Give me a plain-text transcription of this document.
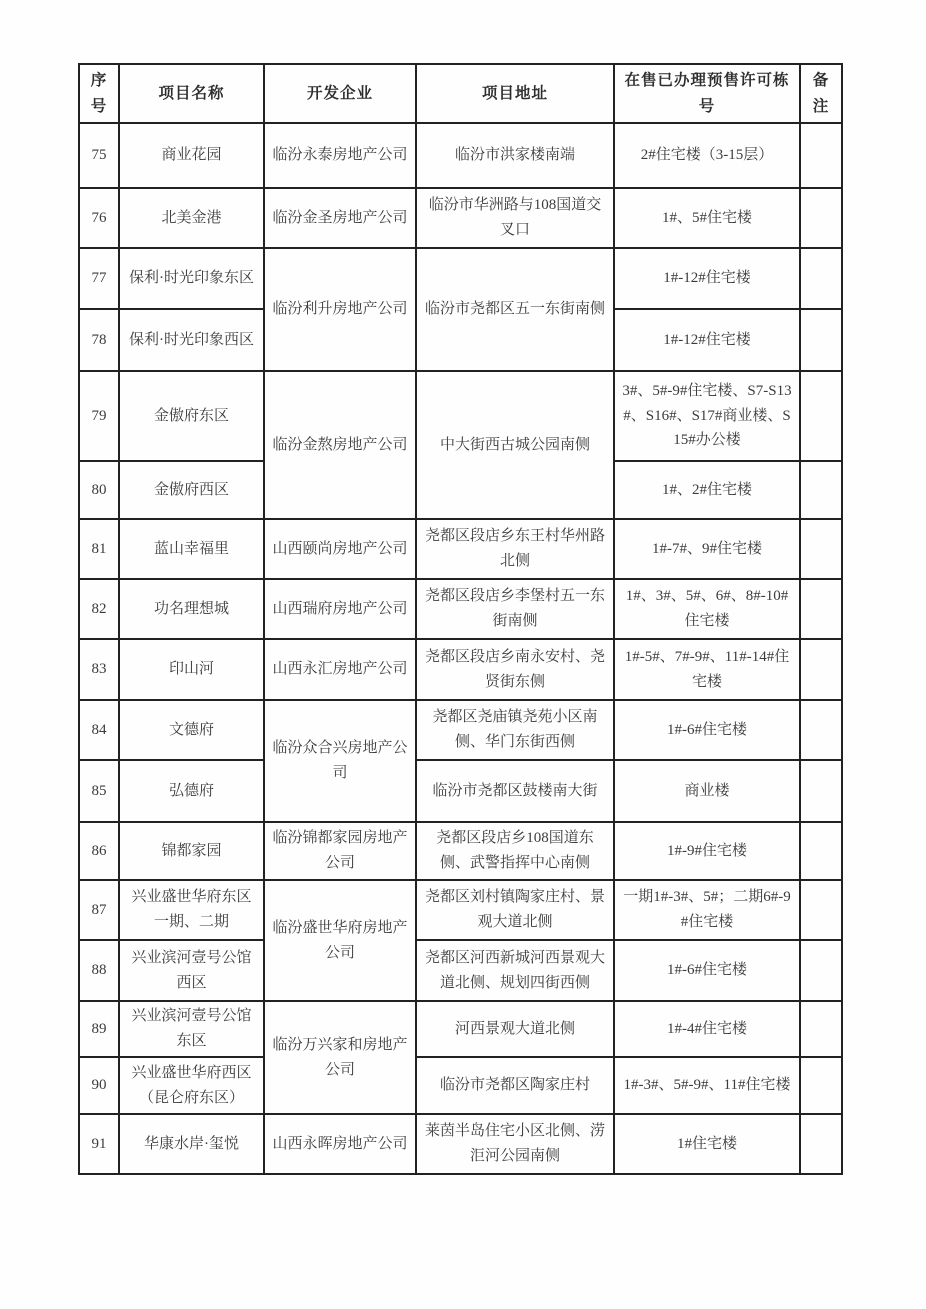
序号	项目名称	开发企业	项目地址	在售已办理预售许可栋号	备注
75	商业花园	临汾永泰房地产公司	临汾市洪家楼南端	2#住宅楼（3-15层）	
76	北美金港	临汾金圣房地产公司	临汾市华洲路与108国道交叉口	1#、5#住宅楼	
77	保利·时光印象东区	临汾利升房地产公司	临汾市尧都区五一东街南侧	1#-12#住宅楼	
78	保利·时光印象西区			1#-12#住宅楼	
79	金傲府东区	临汾金熬房地产公司	中大街西古城公园南侧	3#、5#-9#住宅楼、S7-S13#、S16#、S17#商业楼、S15#办公楼	
80	金傲府西区			1#、2#住宅楼	
81	蓝山幸福里	山西颐尚房地产公司	尧都区段店乡东王村华州路北侧	1#-7#、9#住宅楼	
82	功名理想城	山西瑞府房地产公司	尧都区段店乡李堡村五一东街南侧	1#、3#、5#、6#、8#-10#住宅楼	
83	印山河	山西永汇房地产公司	尧都区段店乡南永安村、尧贤街东侧	1#-5#、7#-9#、11#-14#住宅楼	
84	文德府	临汾众合兴房地产公司	尧都区尧庙镇尧苑小区南侧、华门东街西侧	1#-6#住宅楼	
85	弘德府		临汾市尧都区鼓楼南大街	商业楼	
86	锦都家园	临汾锦都家园房地产公司	尧都区段店乡108国道东侧、武警指挥中心南侧	1#-9#住宅楼	
87	兴业盛世华府东区一期、二期	临汾盛世华府房地产公司	尧都区刘村镇陶家庄村、景观大道北侧	一期1#-3#、5#；二期6#-9#住宅楼	
88	兴业滨河壹号公馆西区		尧都区河西新城河西景观大道北侧、规划四街西侧	1#-6#住宅楼	
89	兴业滨河壹号公馆东区	临汾万兴家和房地产公司	河西景观大道北侧	1#-4#住宅楼	
90	兴业盛世华府西区（昆仑府东区）		临汾市尧都区陶家庄村	1#-3#、5#-9#、11#住宅楼	
91	华康水岸·玺悦	山西永晖房地产公司	莱茵半岛住宅小区北侧、涝洰河公园南侧	1#住宅楼	
